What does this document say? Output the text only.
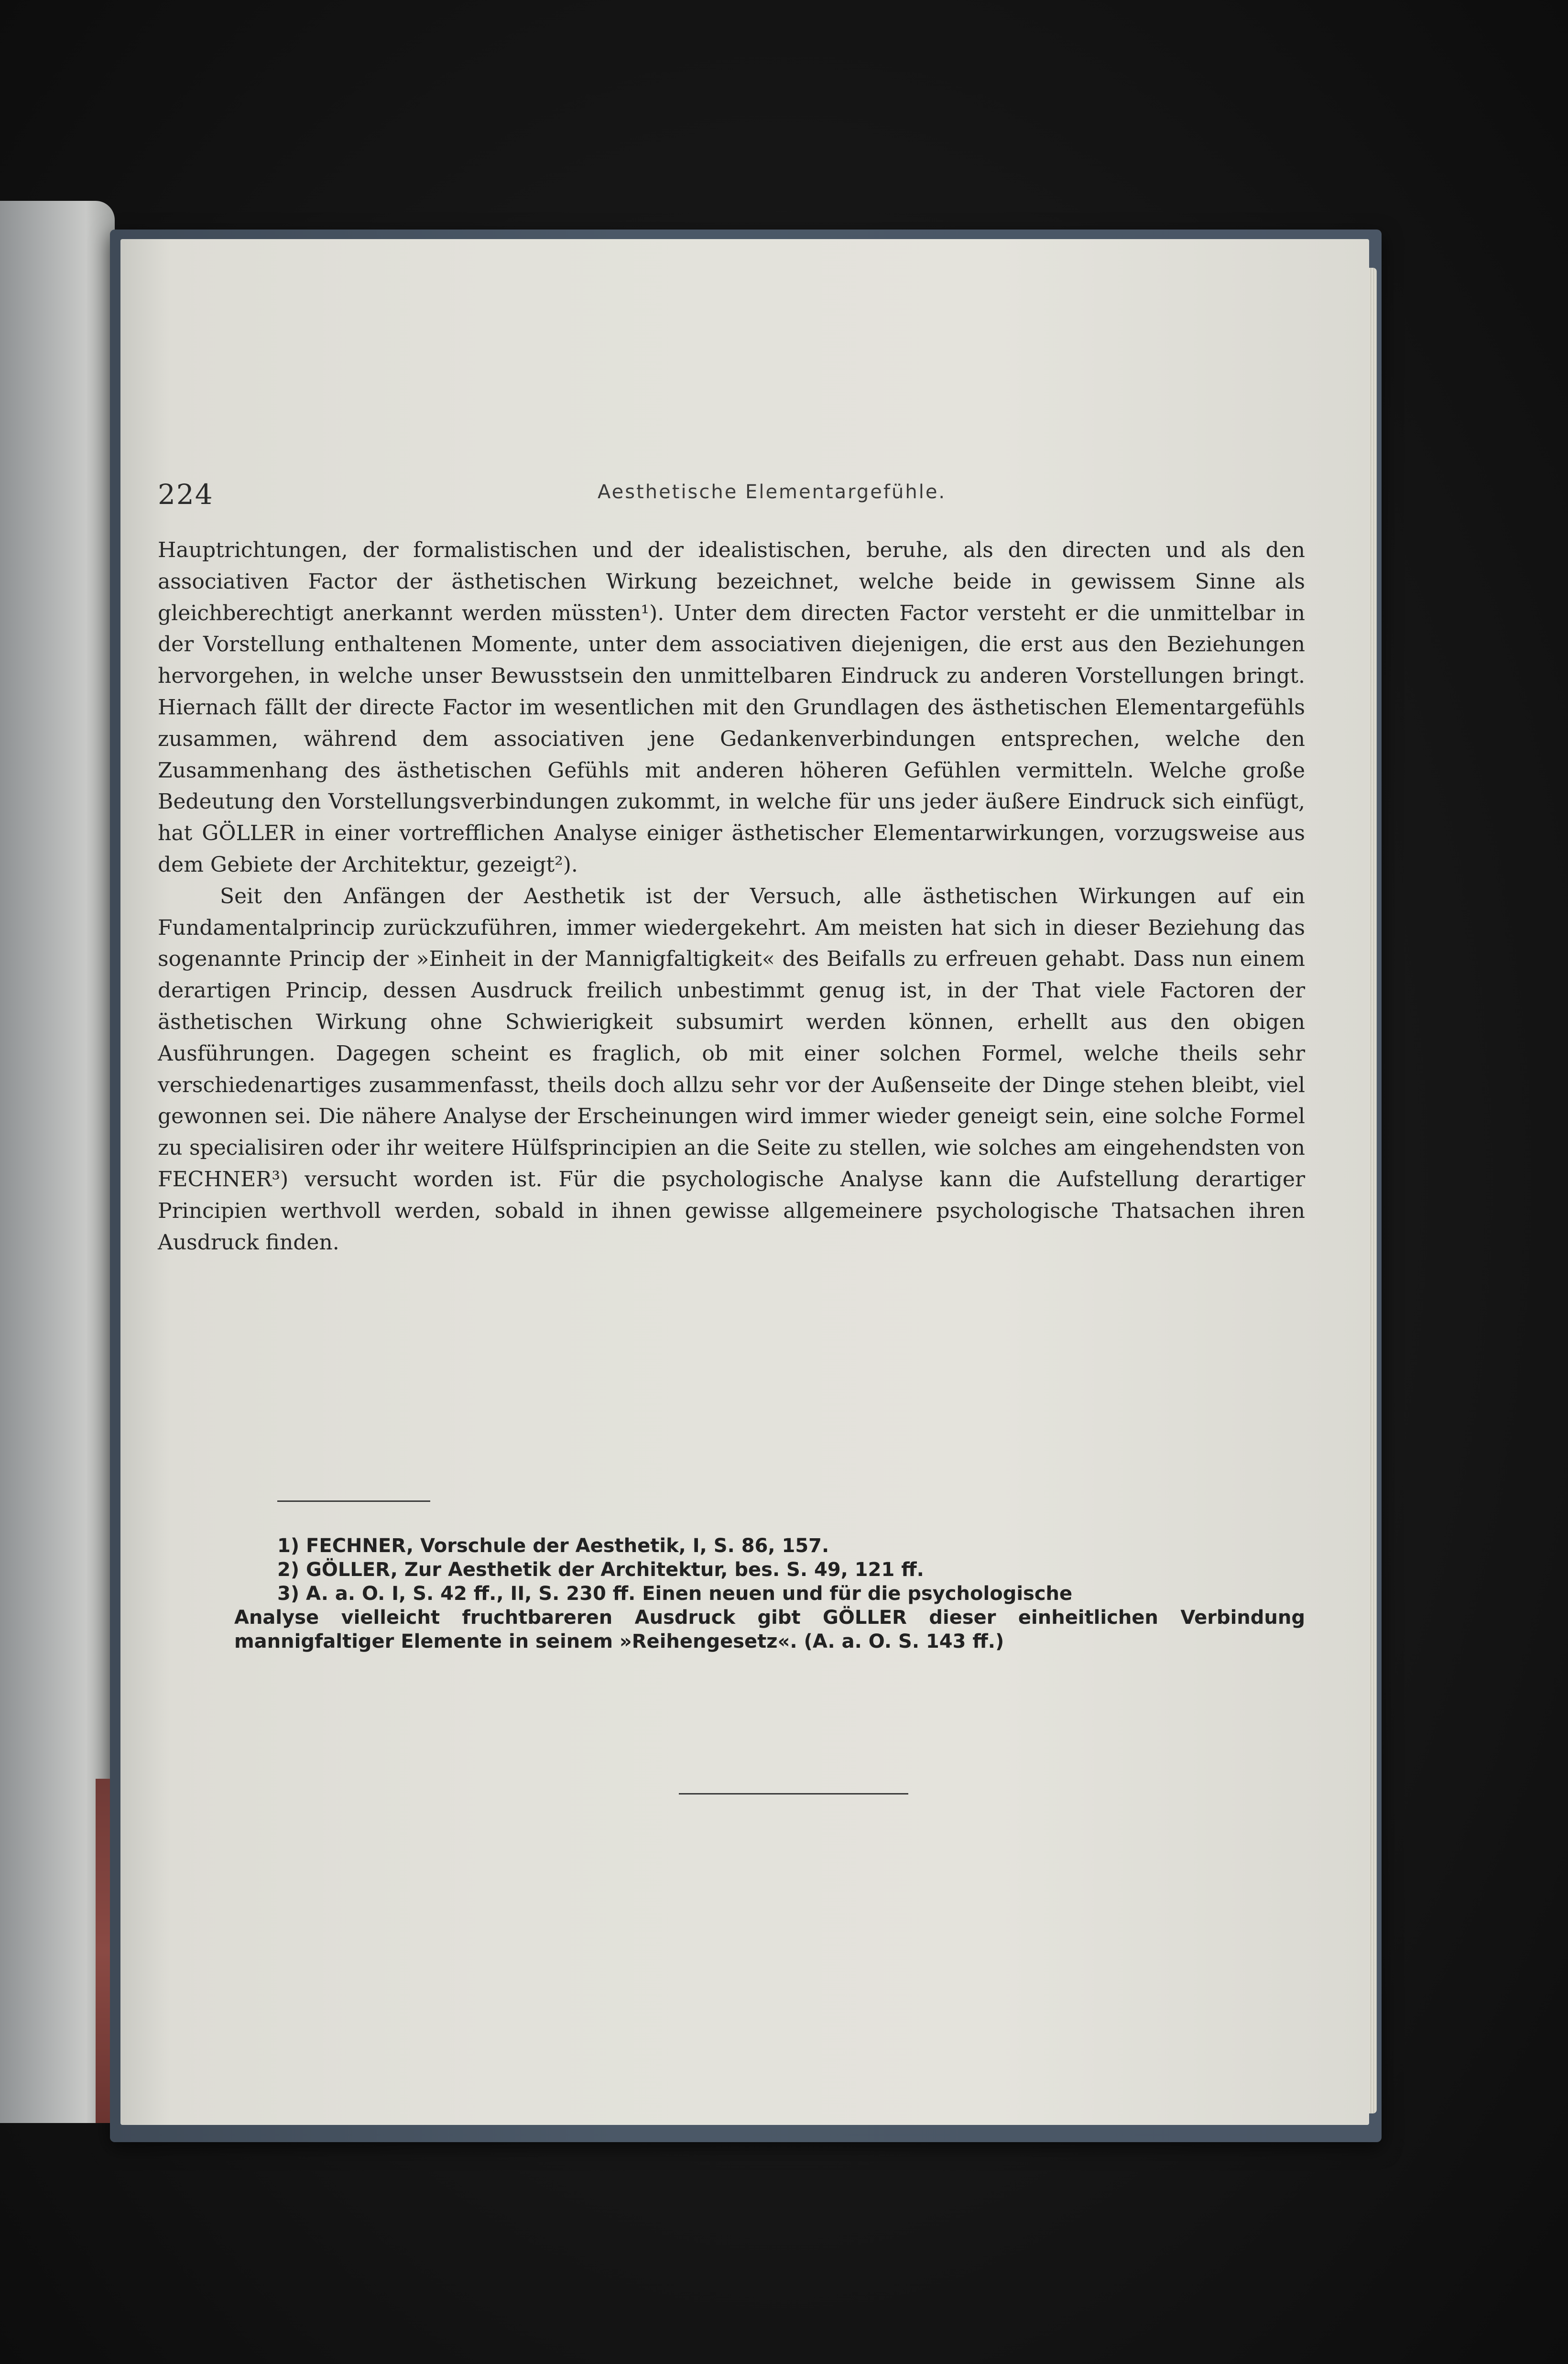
224	Aesthetische Elementargefühle.

Hauptrichtungen, der formalistischen und der idealistischen, beruhe, als den directen und als den associativen Factor der ästhetischen Wirkung bezeichnet, welche beide in gewissem Sinne als gleichberechtigt anerkannt werden müssten¹). Unter dem directen Factor versteht er die unmittelbar in der Vorstellung enthaltenen Momente, unter dem associativen diejenigen, die erst aus den Beziehungen hervorgehen, in welche unser Bewusstsein den unmittelbaren Eindruck zu anderen Vorstellungen bringt. Hiernach fällt der directe Factor im wesentlichen mit den Grundlagen des ästhetischen Elementargefühls zusammen, während dem associativen jene Gedankenverbindungen entsprechen, welche den Zusammenhang des ästhetischen Gefühls mit anderen höheren Gefühlen vermitteln. Welche große Bedeutung den Vorstellungsverbindungen zukommt, in welche für uns jeder äußere Eindruck sich einfügt, hat GÖLLER in einer vortrefflichen Analyse einiger ästhetischer Elementarwirkungen, vorzugsweise aus dem Gebiete der Architektur, gezeigt²).

Seit den Anfängen der Aesthetik ist der Versuch, alle ästhetischen Wirkungen auf ein Fundamentalprincip zurückzuführen, immer wiedergekehrt. Am meisten hat sich in dieser Beziehung das sogenannte Princip der »Einheit in der Mannigfaltigkeit« des Beifalls zu erfreuen gehabt. Dass nun einem derartigen Princip, dessen Ausdruck freilich unbestimmt genug ist, in der That viele Factoren der ästhetischen Wirkung ohne Schwierigkeit subsumirt werden können, erhellt aus den obigen Ausführungen. Dagegen scheint es fraglich, ob mit einer solchen Formel, welche theils sehr verschiedenartiges zusammenfasst, theils doch allzu sehr vor der Außenseite der Dinge stehen bleibt, viel gewonnen sei. Die nähere Analyse der Erscheinungen wird immer wieder geneigt sein, eine solche Formel zu specialisiren oder ihr weitere Hülfsprincipien an die Seite zu stellen, wie solches am eingehendsten von FECHNER³) versucht worden ist. Für die psychologische Analyse kann die Aufstellung derartiger Principien werthvoll werden, sobald in ihnen gewisse allgemeinere psychologische Thatsachen ihren Ausdruck finden.

1) FECHNER, Vorschule der Aesthetik, I, S. 86, 157.

2) GÖLLER, Zur Aesthetik der Architektur, bes. S. 49, 121 ff.

3) A. a. O. I, S. 42 ff., II, S. 230 ff. Einen neuen und für die psychologische

Analyse vielleicht fruchtbareren Ausdruck gibt GÖLLER dieser einheitlichen Verbindung mannigfaltiger Elemente in seinem »Reihengesetz«. (A. a. O. S. 143 ff.)
